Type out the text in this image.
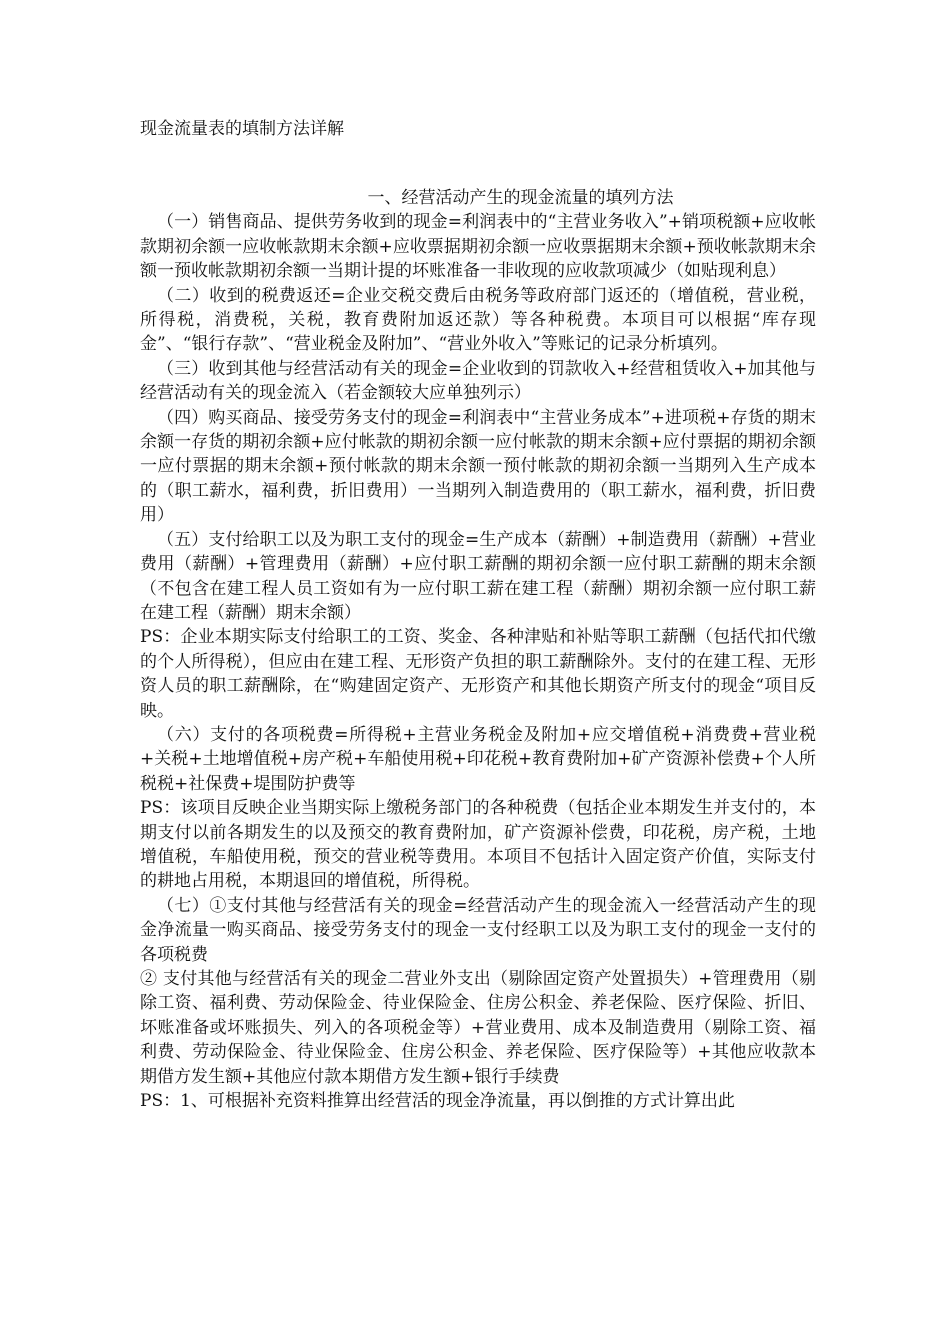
现金流量表的填制方法详解

一、经营活动产生的现金流量的填列方法

（一）销售商品、提供劳务收到的现金=利润表中的“主营业务收入”+销项税额+应收帐款期初余额一应收帐款期末余额+应收票据期初余额一应收票据期末余额+预收帐款期末余额一预收帐款期初余额一当期计提的坏账准备一非收现的应收款项减少（如贴现利息）

（二）收到的税费返还=企业交税交费后由税务等政府部门返还的（增值税，营业税，所得税，消费税，关税，教育费附加返还款）等各种税费。本项目可以根据“库存现金”、“银行存款”、“营业税金及附加”、“营业外收入”等账记的记录分析填列。

（三）收到其他与经营活动有关的现金=企业收到的罚款收入+经营租赁收入+加其他与经营活动有关的现金流入（若金额较大应单独列示）

（四）购买商品、接受劳务支付的现金=利润表中“主营业务成本”+进项税+存货的期末余额一存货的期初余额+应付帐款的期初余额一应付帐款的期末余额+应付票据的期初余额一应付票据的期末余额+预付帐款的期末余额一预付帐款的期初余额一当期列入生产成本的（职工薪水，福利费，折旧费用）一当期列入制造费用的（职工薪水，福利费，折旧费用）

（五）支付给职工以及为职工支付的现金=生产成本（薪酬）+制造费用（薪酬）+营业费用（薪酬）+管理费用（薪酬）+应付职工薪酬的期初余额一应付职工薪酬的期末余额（不包含在建工程人员工资如有为一应付职工薪在建工程（薪酬）期初余额一应付职工薪在建工程（薪酬）期末余额）

PS：企业本期实际支付给职工的工资、奖金、各种津贴和补贴等职工薪酬（包括代扣代缴的个人所得税），但应由在建工程、无形资产负担的职工薪酬除外。支付的在建工程、无形资人员的职工薪酬除，在“购建固定资产、无形资产和其他长期资产所支付的现金“项目反映。

（六）支付的各项税费=所得税+主营业务税金及附加+应交增值税+消费费+营业税+关税+土地增值税+房产税+车船使用税+印花税+教育费附加+矿产资源补偿费+个人所税税+社保费+堤围防护费等

PS：该项目反映企业当期实际上缴税务部门的各种税费（包括企业本期发生并支付的，本期支付以前各期发生的以及预交的教育费附加，矿产资源补偿费，印花税，房产税，土地增值税，车船使用税，预交的营业税等费用。本项目不包括计入固定资产价值，实际支付的耕地占用税，本期退回的增值税，所得税。

（七）①支付其他与经营活有关的现金=经营活动产生的现金流入一经营活动产生的现金净流量一购买商品、接受劳务支付的现金一支付经职工以及为职工支付的现金一支付的各项税费

② 支付其他与经营活有关的现金二营业外支出（剔除固定资产处置损失）+管理费用（剔除工资、福利费、劳动保险金、待业保险金、住房公积金、养老保险、医疗保险、折旧、坏账准备或坏账损失、列入的各项税金等）+营业费用、成本及制造费用（剔除工资、福利费、劳动保险金、待业保险金、住房公积金、养老保险、医疗保险等）+其他应收款本期借方发生额+其他应付款本期借方发生额+银行手续费

PS：1、可根据补充资料推算出经营活的现金净流量，再以倒推的方式计算出此
